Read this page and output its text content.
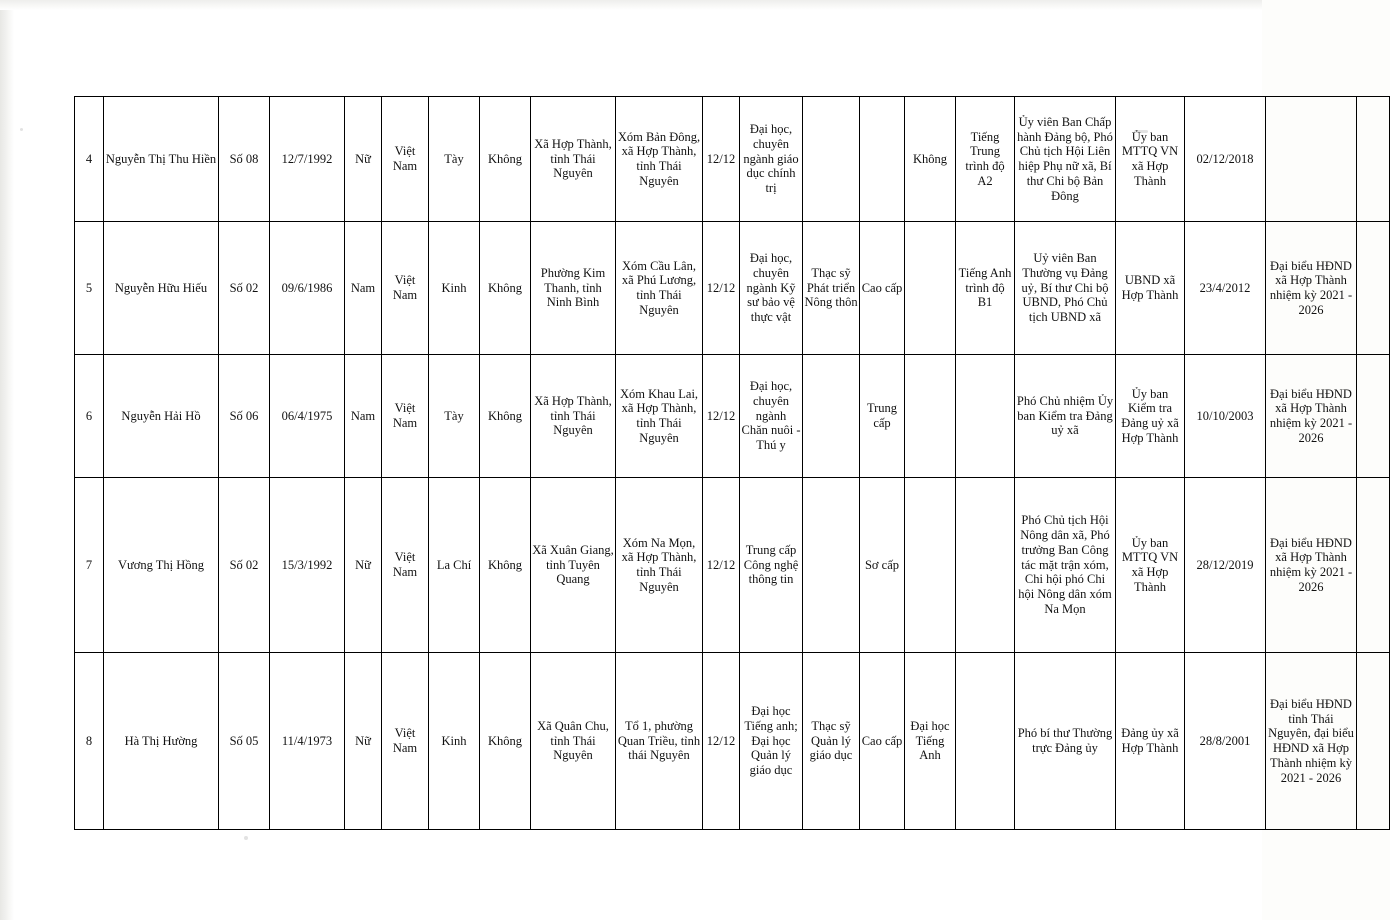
4	Nguyễn Thị Thu Hiền	Số 08	12/7/1992	Nữ	Việt Nam	Tày	Không	Xã Hợp Thành, tỉnh Thái Nguyên	Xóm Bản Đông, xã Hợp Thành, tỉnh Thái Nguyên	12/12	Đại học, chuyên ngành giáo dục chính trị			Không	Tiếng Trung trình độ A2	Ủy viên Ban Chấp hành Đảng bộ, Phó Chủ tịch Hội Liên hiệp Phụ nữ xã, Bí thư Chi bộ Bản Đông	Ủy ban MTTQ VN xã Hợp Thành	02/12/2018		
5	Nguyễn Hữu Hiếu	Số 02	09/6/1986	Nam	Việt Nam	Kinh	Không	Phường Kim Thanh, tỉnh Ninh Bình	Xóm Cầu Lân, xã Phú Lương, tỉnh Thái Nguyên	12/12	Đại học, chuyên ngành Kỹ sư bảo vệ thực vật	Thạc sỹ Phát triển Nông thôn	Cao cấp		Tiếng Anh trình độ B1	Uỷ viên Ban Thường vụ Đảng uỷ, Bí thư Chi bộ UBND, Phó Chủ tịch UBND xã	UBND xã Hợp Thành	23/4/2012	Đại biểu HĐND xã Hợp Thành nhiệm kỳ 2021 - 2026	
6	Nguyễn Hải Hồ	Số 06	06/4/1975	Nam	Việt Nam	Tày	Không	Xã Hợp Thành, tỉnh Thái Nguyên	Xóm Khau Lai, xã Hợp Thành, tỉnh Thái Nguyên	12/12	Đại học, chuyên ngành Chăn nuôi - Thú y		Trung cấp			Phó Chủ nhiệm Ủy ban Kiểm tra Đảng uỷ xã	Ủy ban Kiểm tra Đảng uỷ xã Hợp Thành	10/10/2003	Đại biểu HĐND xã Hợp Thành nhiệm kỳ 2021 - 2026	
7	Vương Thị Hồng	Số 02	15/3/1992	Nữ	Việt Nam	La Chí	Không	Xã Xuân Giang, tỉnh Tuyên Quang	Xóm Na Mọn, xã Hợp Thành, tỉnh Thái Nguyên	12/12	Trung cấp Công nghệ thông tin		Sơ cấp			Phó Chủ tịch Hội Nông dân xã, Phó trưởng Ban Công tác mặt trận xóm, Chi hội phó Chi hội Nông dân xóm Na Mọn	Ủy ban MTTQ VN xã Hợp Thành	28/12/2019	Đại biểu HĐND xã Hợp Thành nhiệm kỳ 2021 - 2026	
8	Hà Thị Hường	Số 05	11/4/1973	Nữ	Việt Nam	Kinh	Không	Xã Quân Chu, tỉnh Thái Nguyên	Tổ 1, phường Quan Triều, tỉnh thái Nguyên	12/12	Đại học Tiếng anh; Đại học Quản lý giáo dục	Thạc sỹ Quản lý giáo dục	Cao cấp	Đại học Tiếng Anh		Phó bí thư Thường trực Đảng ủy	Đảng ủy xã Hợp Thành	28/8/2001	Đại biểu HĐND tỉnh Thái Nguyên, đại biểu HĐND xã Hợp Thành nhiệm kỳ 2021 - 2026	
